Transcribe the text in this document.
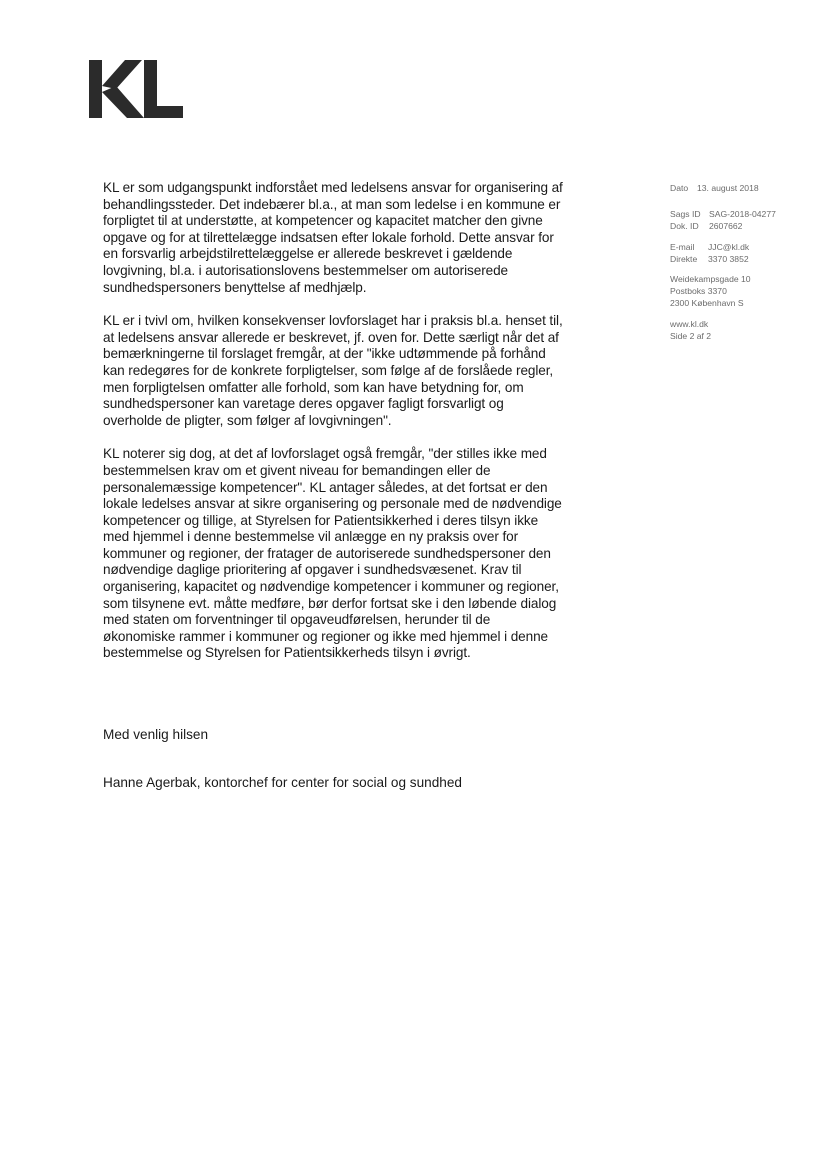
KL er som udgangspunkt indforstået med ledelsens ansvar for organisering af behandlingssteder. Det indebærer bl.a., at man som ledelse i en kommune er forpligtet til at understøtte, at kompetencer og kapacitet matcher den givne opgave og for at tilrettelægge indsatsen efter lokale forhold. Dette ansvar for en forsvarlig arbejdstilrettelæggelse er allerede beskrevet i gældende lovgivning, bl.a. i autorisationslovens bestemmelser om autoriserede sundhedspersoners benyttelse af medhjælp.

KL er i tvivl om, hvilken konsekvenser lovforslaget har i praksis bl.a. henset til, at ledelsens ansvar allerede er beskrevet, jf. oven for. Dette særligt når det af bemærkningerne til forslaget fremgår, at der "ikke udtømmende på forhånd kan redegøres for de konkrete forpligtelser, som følge af de forslåede regler, men forpligtelsen omfatter alle forhold, som kan have betydning for, om sundhedspersoner kan varetage deres opgaver fagligt forsvarligt og overholde de pligter, som følger af lovgivningen".

KL noterer sig dog, at det af lovforslaget også fremgår, "der stilles ikke med bestemmelsen krav om et givent niveau for bemandingen eller de personalemæssige kompetencer". KL antager således, at det fortsat er den lokale ledelses ansvar at sikre organisering og personale med de nødvendige kompetencer og tillige, at Styrelsen for Patientsikkerhed i deres tilsyn ikke med hjemmel i denne bestemmelse vil anlægge en ny praksis over for kommuner og regioner, der fratager de autoriserede sundhedspersoner den nødvendige daglige prioritering af opgaver i sundhedsvæsenet. Krav til organisering, kapacitet og nødvendige kompetencer i kommuner og regioner, som tilsynene evt. måtte medføre, bør derfor fortsat ske i den løbende dialog med staten om forventninger til opgaveudførelsen, herunder til de økonomiske rammer i kommuner og regioner og ikke med hjemmel i denne bestemmelse og Styrelsen for Patientsikkerheds tilsyn i øvrigt.

Med venlig hilsen

Hanne Agerbak, kontorchef for center for social og sundhed

Dato	13. august 2018
Sags ID SAG-2018-04277
Dok. ID	2607662
E-mail	JJC@kl.dk
Direkte	3370 3852
Weidekampsgade 10
Postboks 3370
2300 København S
www.kl.dk
Side 2 af 2
